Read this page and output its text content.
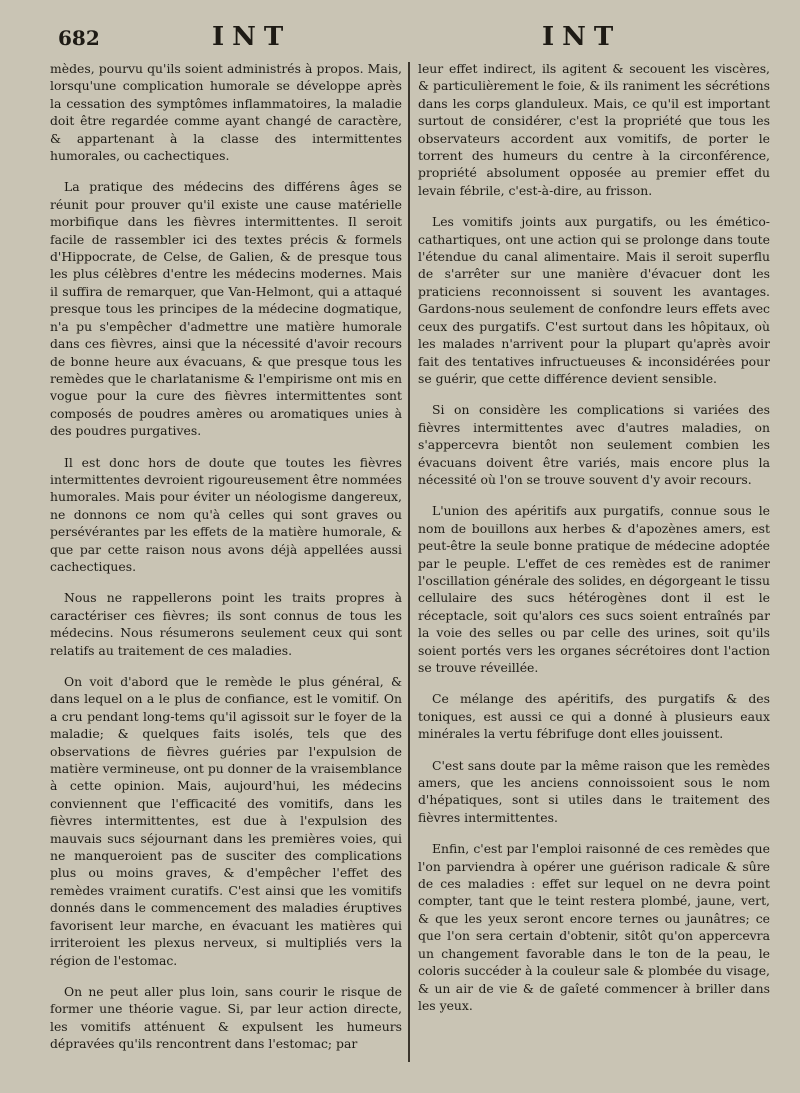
682	INT	INT

mèdes, pourvu qu'ils soient administrés à propos. Mais, lorsqu'une complication humorale se développe après la cessation des symptômes inflammatoires, la maladie doit être regardée comme ayant changé de caractère, & appartenant à la classe des intermittentes humorales, ou cachectiques.

La pratique des médecins des différens âges se réunit pour prouver qu'il existe une cause matérielle morbifique dans les fièvres intermittentes. Il seroit facile de rassembler ici des textes précis & formels d'Hippocrate, de Celse, de Galien, & de presque tous les plus célèbres d'entre les médecins modernes. Mais il suffira de remarquer, que Van-Helmont, qui a attaqué presque tous les principes de la médecine dogmatique, n'a pu s'empêcher d'admettre une matière humorale dans ces fièvres, ainsi que la nécessité d'avoir recours de bonne heure aux évacuans, & que presque tous les remèdes que le charlatanisme & l'empirisme ont mis en vogue pour la cure des fièvres intermittentes sont composés de poudres amères ou aromatiques unies à des poudres purgatives.

Il est donc hors de doute que toutes les fièvres intermittentes devroient rigoureusement être nommées humorales. Mais pour éviter un néologisme dangereux, ne donnons ce nom qu'à celles qui sont graves ou persévérantes par les effets de la matière humorale, & que par cette raison nous avons déjà appellées aussi cachectiques.

Nous ne rappellerons point les traits propres à caractériser ces fièvres; ils sont connus de tous les médecins. Nous résumerons seulement ceux qui sont relatifs au traitement de ces maladies.

On voit d'abord que le remède le plus général, & dans lequel on a le plus de confiance, est le vomitif. On a cru pendant long-tems qu'il agissoit sur le foyer de la maladie; & quelques faits isolés, tels que des observations de fièvres guéries par l'expulsion de matière vermineuse, ont pu donner de la vraisemblance à cette opinion. Mais, aujourd'hui, les médecins conviennent que l'efficacité des vomitifs, dans les fièvres intermittentes, est due à l'expulsion des mauvais sucs séjournant dans les premières voies, qui ne manqueroient pas de susciter des complications plus ou moins graves, & d'empêcher l'effet des remèdes vraiment curatifs. C'est ainsi que les vomitifs donnés dans le commencement des maladies éruptives favorisent leur marche, en évacuant les matières qui irriteroient les plexus nerveux, si multipliés vers la région de l'estomac.

On ne peut aller plus loin, sans courir le risque de former une théorie vague. Si, par leur action directe, les vomitifs atténuent & expulsent les humeurs dépravées qu'ils rencontrent dans l'estomac; par

leur effet indirect, ils agitent & secouent les viscères, & particulièrement le foie, & ils raniment les sécrétions dans les corps glanduleux. Mais, ce qu'il est important surtout de considérer, c'est la propriété que tous les observateurs accordent aux vomitifs, de porter le torrent des humeurs du centre à la circonférence, propriété absolument opposée au premier effet du levain fébrile, c'est-à-dire, au frisson.

Les vomitifs joints aux purgatifs, ou les émético-cathartiques, ont une action qui se prolonge dans toute l'étendue du canal alimentaire. Mais il seroit superflu de s'arrêter sur une manière d'évacuer dont les praticiens reconnoissent si souvent les avantages. Gardons-nous seulement de confondre leurs effets avec ceux des purgatifs. C'est surtout dans les hôpitaux, où les malades n'arrivent pour la plupart qu'après avoir fait des tentatives infructueuses & inconsidérées pour se guérir, que cette différence devient sensible.

Si on considère les complications si variées des fièvres intermittentes avec d'autres maladies, on s'appercevra bientôt non seulement combien les évacuans doivent être variés, mais encore plus la nécessité où l'on se trouve souvent d'y avoir recours.

L'union des apéritifs aux purgatifs, connue sous le nom de bouillons aux herbes & d'apozènes amers, est peut-être la seule bonne pratique de médecine adoptée par le peuple. L'effet de ces remèdes est de ranimer l'oscillation générale des solides, en dégorgeant le tissu cellulaire des sucs hétérogènes dont il est le réceptacle, soit qu'alors ces sucs soient entraînés par la voie des selles ou par celle des urines, soit qu'ils soient portés vers les organes sécrétoires dont l'action se trouve réveillée.

Ce mélange des apéritifs, des purgatifs & des toniques, est aussi ce qui a donné à plusieurs eaux minérales la vertu fébrifuge dont elles jouissent.

C'est sans doute par la même raison que les remèdes amers, que les anciens connoissoient sous le nom d'hépatiques, sont si utiles dans le traitement des fièvres intermittentes.

Enfin, c'est par l'emploi raisonné de ces remèdes que l'on parviendra à opérer une guérison radicale & sûre de ces maladies : effet sur lequel on ne devra point compter, tant que le teint restera plombé, jaune, vert, & que les yeux seront encore ternes ou jaunâtres; ce que l'on sera certain d'obtenir, sitôt qu'on appercevra un changement favorable dans le ton de la peau, le coloris succéder à la couleur sale & plombée du visage, & un air de vie & de gaîeté commencer à briller dans les yeux.
